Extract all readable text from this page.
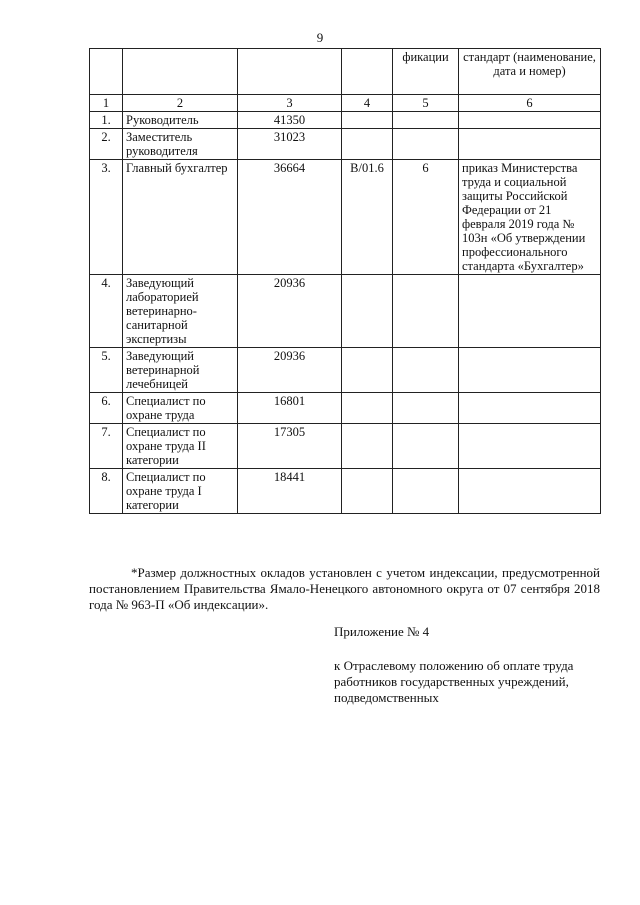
9
				фикации	стандарт (наименование, дата и номер)
1	2	3	4	5	6
1.	Руководитель	41350			
2.	Заместитель руководителя	31023			
3.	Главный бухгалтер	36664	В/01.6	6	приказ Министерства труда и социальной защиты Российской Федерации от 21 февраля 2019 года № 103н «Об утверждении профессионального стандарта «Бухгалтер»
4.	Заведующий лабораторией ветеринарно-санитарной экспертизы	20936			
5.	Заведующий ветеринарной лечебницей	20936			
6.	Специалист по охране труда	16801			
7.	Специалист по охране труда II категории	17305			
8.	Специалист по охране труда I категории	18441			

*Размер должностных окладов установлен с учетом индексации, предусмотренной постановлением Правительства Ямало-Ненецкого автономного округа от 07 сентября 2018 года № 963-П «Об индексации».

Приложение № 4

к Отраслевому положению об оплате труда работников государственных учреждений, подведомственных
